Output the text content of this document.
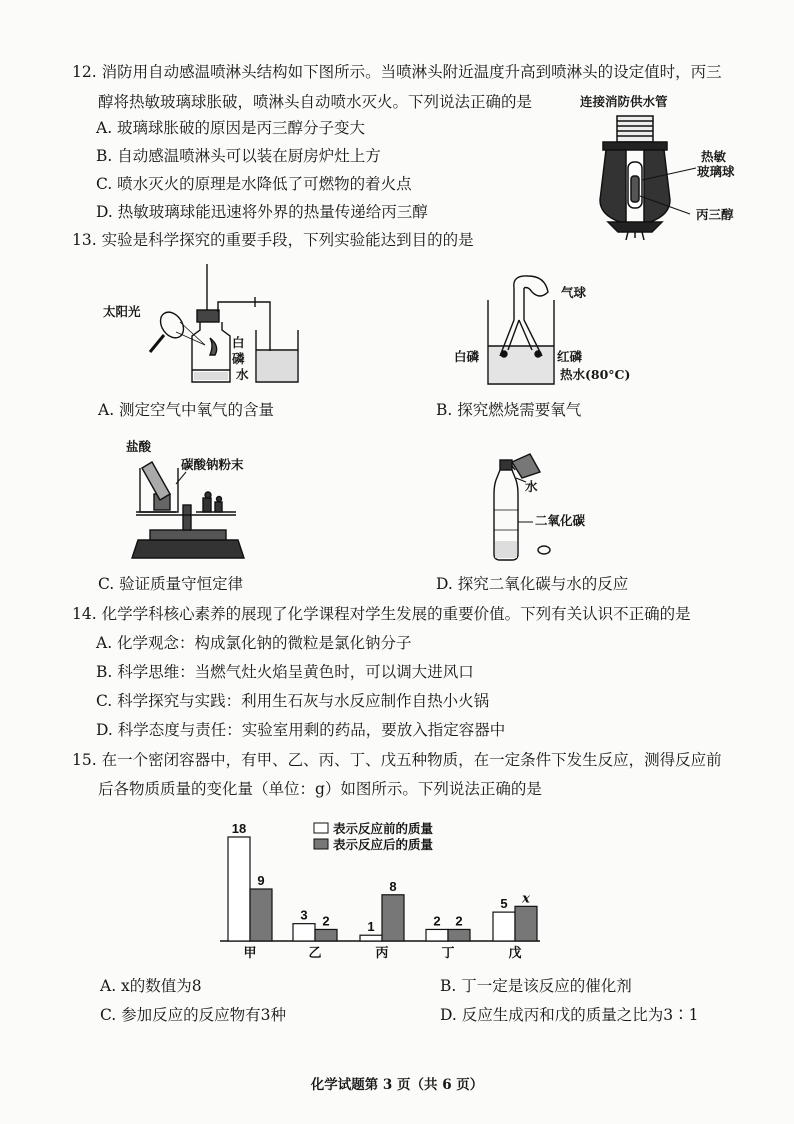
12. 消防用自动感温喷淋头结构如下图所示。当喷淋头附近温度升高到喷淋头的设定值时，丙三
醇将热敏玻璃球胀破，喷淋头自动喷水灭火。下列说法正确的是
A. 玻璃球胀破的原因是丙三醇分子变大
B. 自动感温喷淋头可以装在厨房炉灶上方
C. 喷水灭火的原理是水降低了可燃物的着火点
D. 热敏玻璃球能迅速将外界的热量传递给丙三醇
连接消防供水管
热敏
玻璃球
丙三醇
13. 实验是科学探究的重要手段，下列实验能达到目的的是
太阳光
白
磷
水
气球
白磷	红磷
热水(80°C)
A. 测定空气中氧气的含量	B. 探究燃烧需要氧气
盐酸
碳酸钠粉末
水
二氧化碳
C. 验证质量守恒定律	D. 探究二氧化碳与水的反应
14. 化学学科核心素养的展现了化学课程对学生发展的重要价值。下列有关认识不正确的是
A. 化学观念：构成氯化钠的微粒是氯化钠分子
B. 科学思维：当燃气灶火焰呈黄色时，可以调大进风口
C. 科学探究与实践：利用生石灰与水反应制作自热小火锅
D. 科学态度与责任：实验室用剩的药品，要放入指定容器中
15. 在一个密闭容器中，有甲、乙、丙、丁、戊五种物质，在一定条件下发生反应，测得反应前
后各物质质量的变化量（单位：g）如图所示。下列说法正确的是
18
3
1	2
5
9
2
8
2
x
甲	乙	丙	丁	戊
表示反应前的质量
表示反应后的质量
A. x的数值为8	B. 丁一定是该反应的催化剂
C. 参加反应的反应物有3种	D. 反应生成丙和戊的质量之比为3∶1
化学试题第 3 页（共 6 页）
